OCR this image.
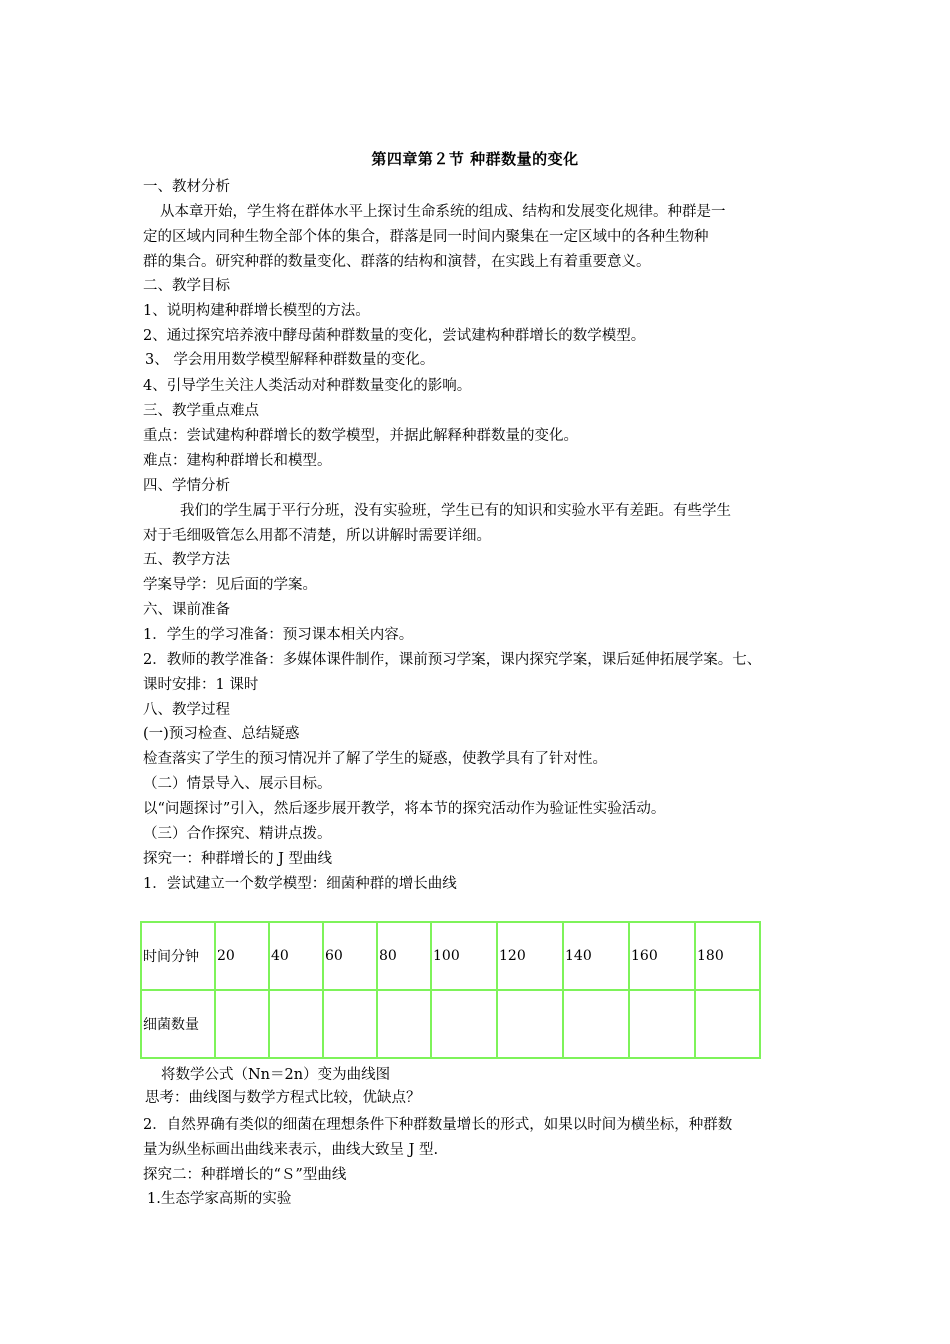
第四章第２节 种群数量的变化
一、教材分析
从本章开始，学生将在群体水平上探讨生命系统的组成、结构和发展变化规律。种群是一
定的区域内同种生物全部个体的集合，群落是同一时间内聚集在一定区域中的各种生物种
群的集合。研究种群的数量变化、群落的结构和演替，在实践上有着重要意义。
二、教学目标
1、说明构建种群增长模型的方法。
2、通过探究培养液中酵母菌种群数量的变化，尝试建构种群增长的数学模型。
3、 学会用用数学模型解释种群数量的变化。
4、引导学生关注人类活动对种群数量变化的影响。
三、教学重点难点
重点：尝试建构种群增长的数学模型，并据此解释种群数量的变化。
难点：建构种群增长和模型。
四、学情分析
我们的学生属于平行分班，没有实验班，学生已有的知识和实验水平有差距。有些学生
对于毛细吸管怎么用都不清楚，所以讲解时需要详细。
五、教学方法
学案导学：见后面的学案。
六、课前准备
1．学生的学习准备：预习课本相关内容。
2．教师的教学准备：多媒体课件制作，课前预习学案，课内探究学案，课后延伸拓展学案。七、
课时安排：1 课时
八、教学过程
(一)预习检查、总结疑惑
检查落实了学生的预习情况并了解了学生的疑惑，使教学具有了针对性。
（二）情景导入、展示目标。
以“问题探讨”引入，然后逐步展开教学，将本节的探究活动作为验证性实验活动。
（三）合作探究、精讲点拨。
探究一：种群增长的 J 型曲线
1．尝试建立一个数学模型：细菌种群的增长曲线
时间分钟	20	40	60	80	100	120	140	160	180
细菌数量									
将数学公式（Nn＝2n）变为曲线图
思考：曲线图与数学方程式比较，优缺点？
2．自然界确有类似的细菌在理想条件下种群数量增长的形式，如果以时间为横坐标，种群数
量为纵坐标画出曲线来表示，曲线大致呈 J 型.
探究二：种群增长的“Ｓ”型曲线
1.生态学家高斯的实验
